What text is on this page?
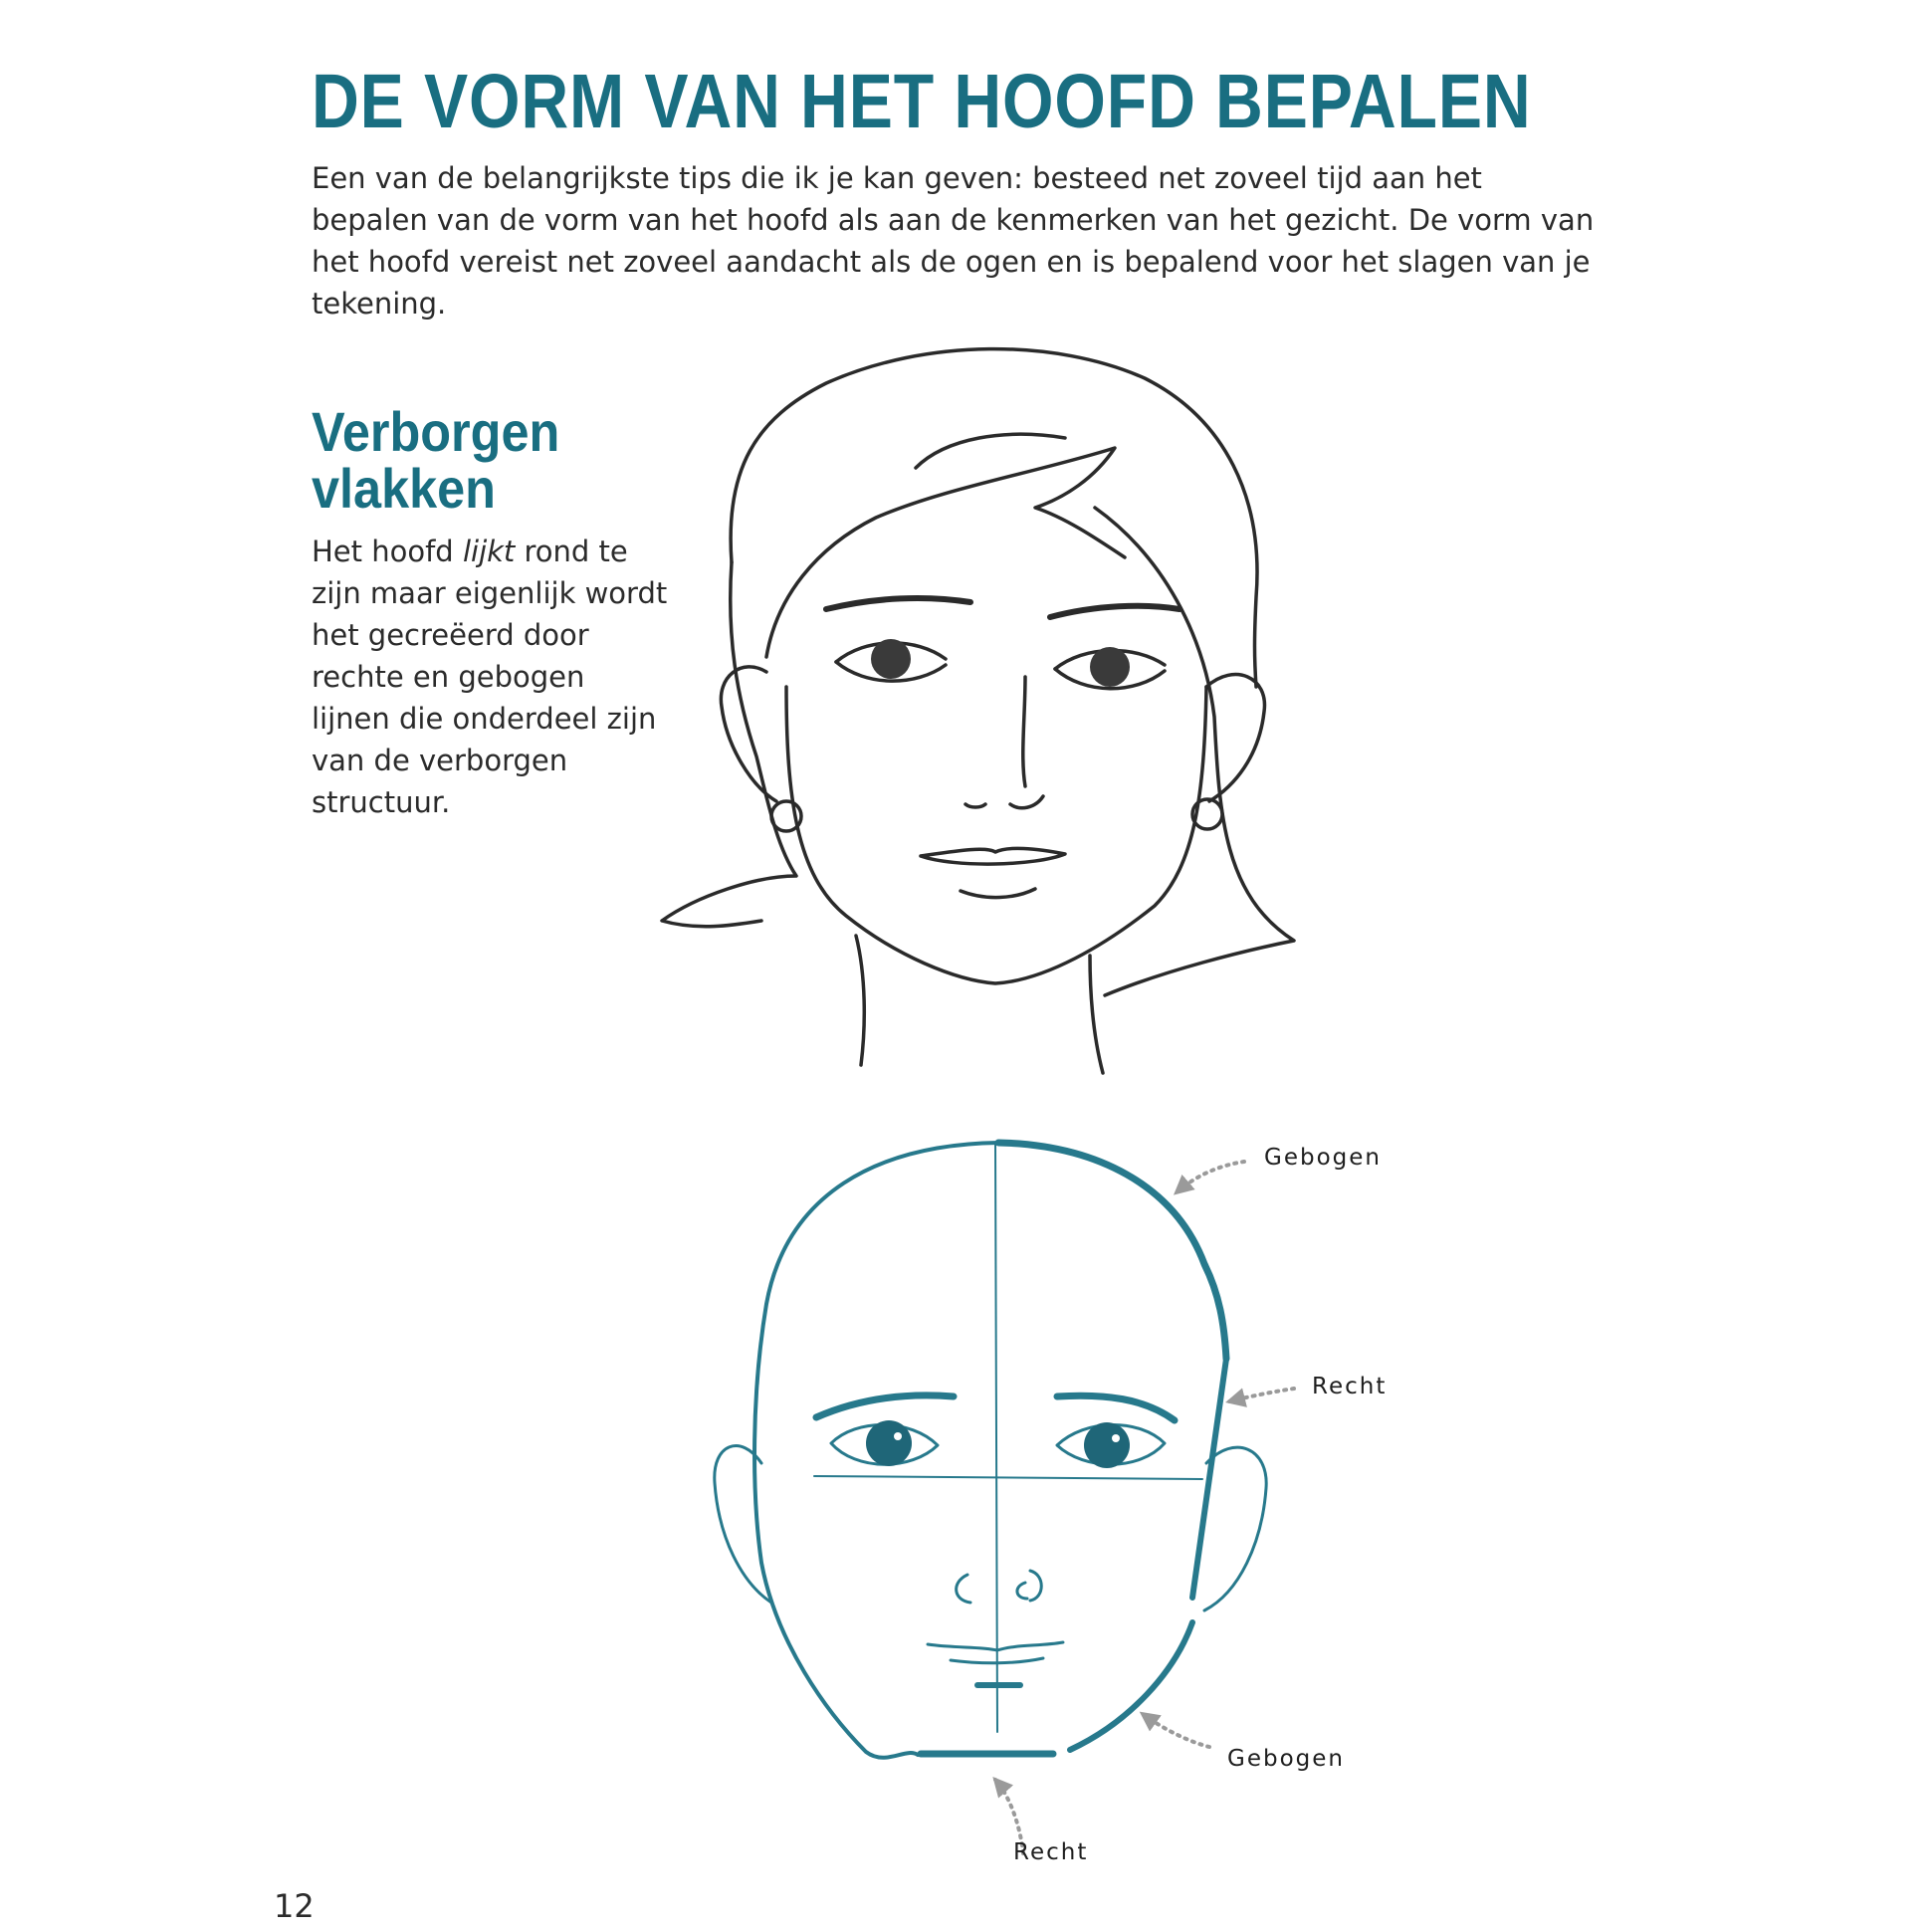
DE VORM VAN HET HOOFD BEPALEN

Een van de belangrijkste tips die ik je kan geven: besteed net zoveel tijd aan het bepalen van de vorm van het hoofd als aan de kenmerken van het gezicht. De vorm van het hoofd vereist net zoveel aandacht als de ogen en is bepalend voor het slagen van je tekening.

Verborgen vlakken

Het hoofd lijkt rond te zijn maar eigenlijk wordt het gecreëerd door rechte en gebogen lijnen die onderdeel zijn van de verborgen structuur.

Gebogen
Recht
Gebogen
Recht
12
